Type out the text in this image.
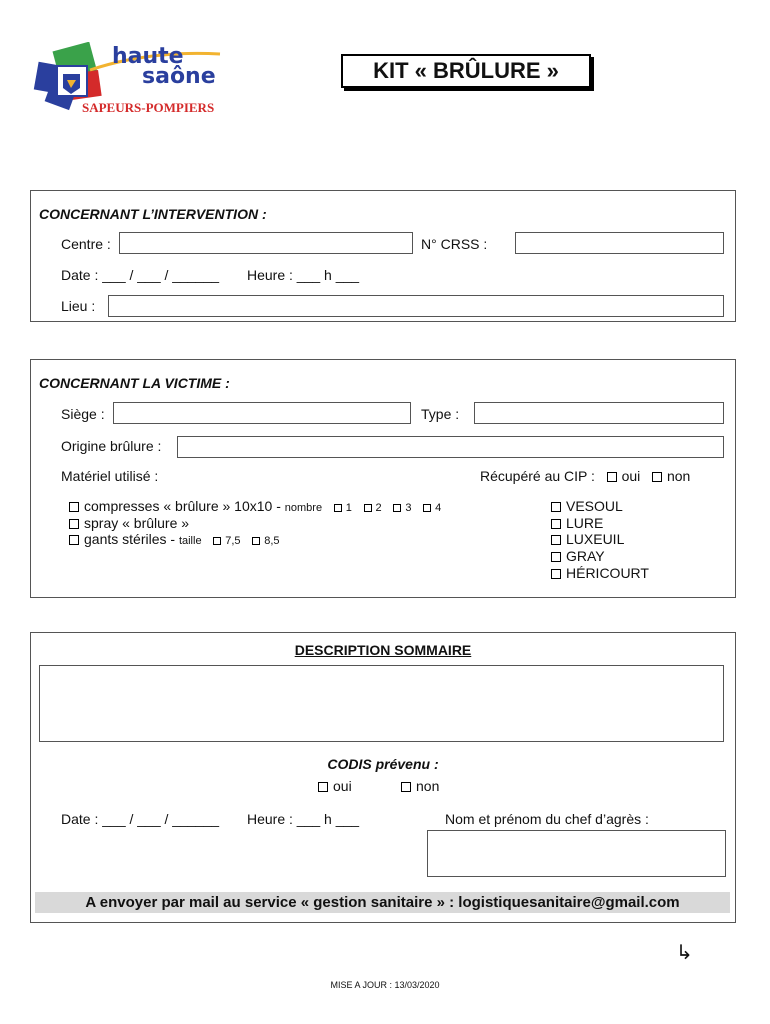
haute
saône
SAPEURS-POMPIERS
KIT « BRÛLURE »
CONCERNANT L’INTERVENTION :
Centre :	N° CRSS :
Date : ___ / ___ / ______ Heure : ___ h ___
Lieu :
CONCERNANT LA VICTIME :
Siège :	Type :
Origine brûlure :
Matériel utilisé :	Récupéré au CIP : oui non
compresses « brûlure » 10x10 - nombre 1 2 3 4
spray « brûlure »
gants stériles - taille 7,5 8,5
VESOUL
LURE
LUXEUIL
GRAY
HÉRICOURT
DESCRIPTION SOMMAIRE
CODIS prévenu :
oui	non
Date : ___ / ___ / ______ Heure : ___ h ___	Nom et prénom du chef d’agrès :
A envoyer par mail au service « gestion sanitaire » : logistiquesanitaire@gmail.com
↳
MISE A JOUR : 13/03/2020
